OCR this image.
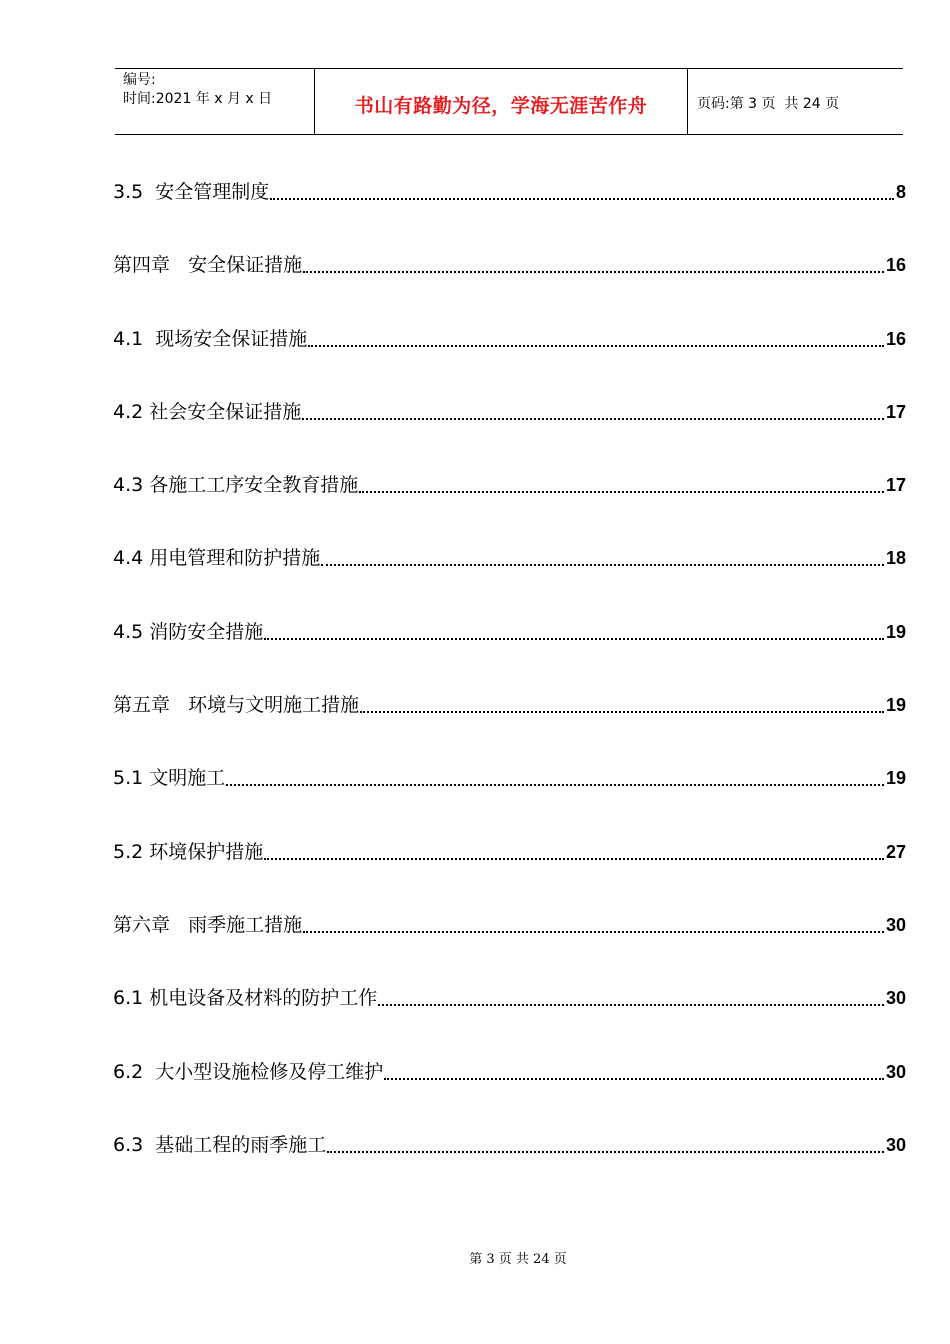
编号:
时间:2021 年 x 月 x 日	书山有路勤为径，学海无涯苦作舟	页码:第 3 页  共 24 页
3.5  安全管理制度	8
第四章   安全保证措施	16
4.1  现场安全保证措施	16
4.2 社会安全保证措施	17
4.3 各施工工序安全教育措施	17
4.4 用电管理和防护措施	18
4.5 消防安全措施	19
第五章   环境与文明施工措施	19
5.1 文明施工	19
5.2 环境保护措施	27
第六章   雨季施工措施	30
6.1 机电设备及材料的防护工作	30
6.2  大小型设施检修及停工维护	30
6.3  基础工程的雨季施工	30
第 3 页 共 24 页
